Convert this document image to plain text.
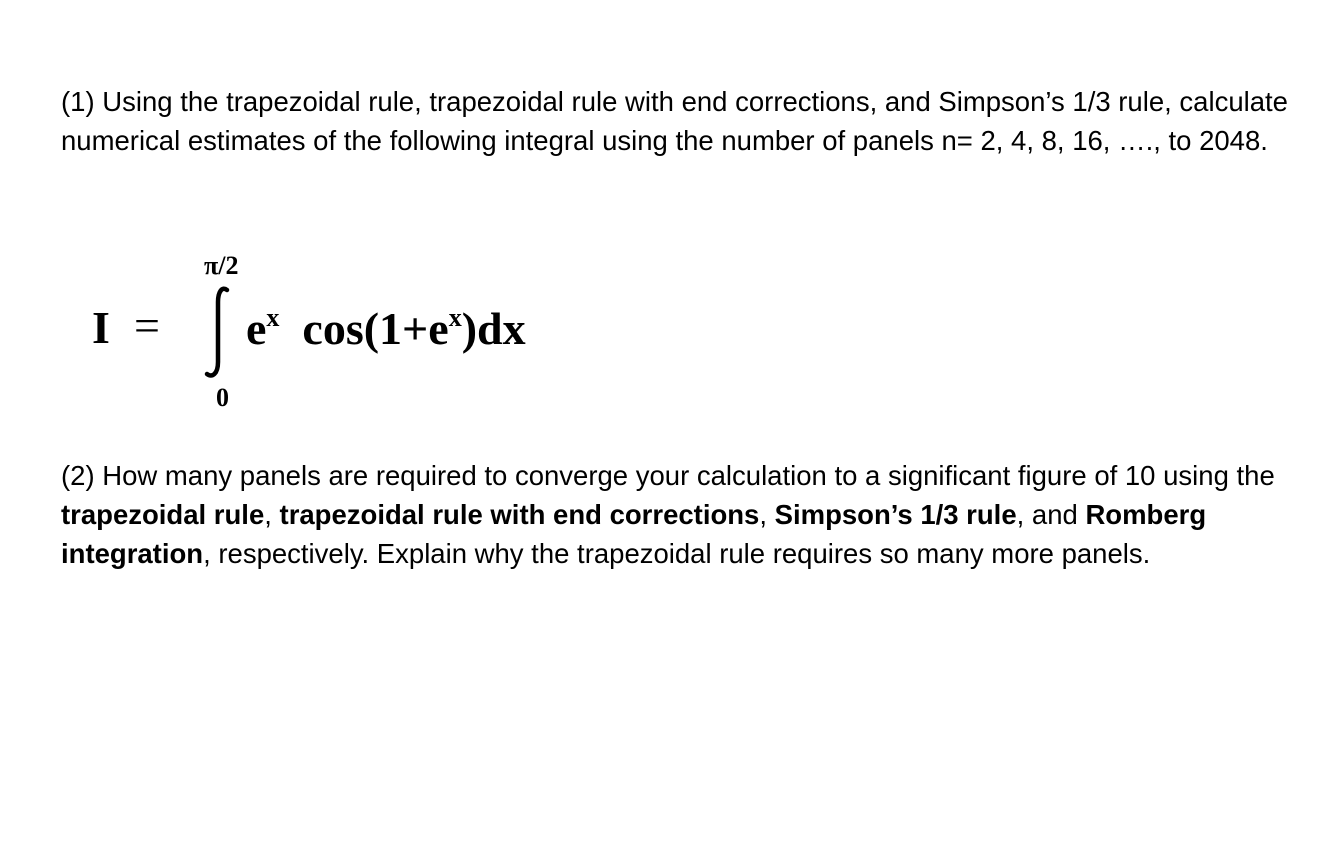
(1) Using the trapezoidal rule, trapezoidal rule with end corrections, and Simpson’s 1/3 rule, calculate numerical estimates of the following integral using the number of panels n= 2, 4, 8, 16, …., to 2048.

I =
π/2
0
$e^x$ $\cos(1+e^x)dx$

(2) How many panels are required to converge your calculation to a significant figure of 10 using the trapezoidal rule, trapezoidal rule with end corrections, Simpson’s 1/3 rule, and Romberg integration, respectively. Explain why the trapezoidal rule requires so many more panels.
